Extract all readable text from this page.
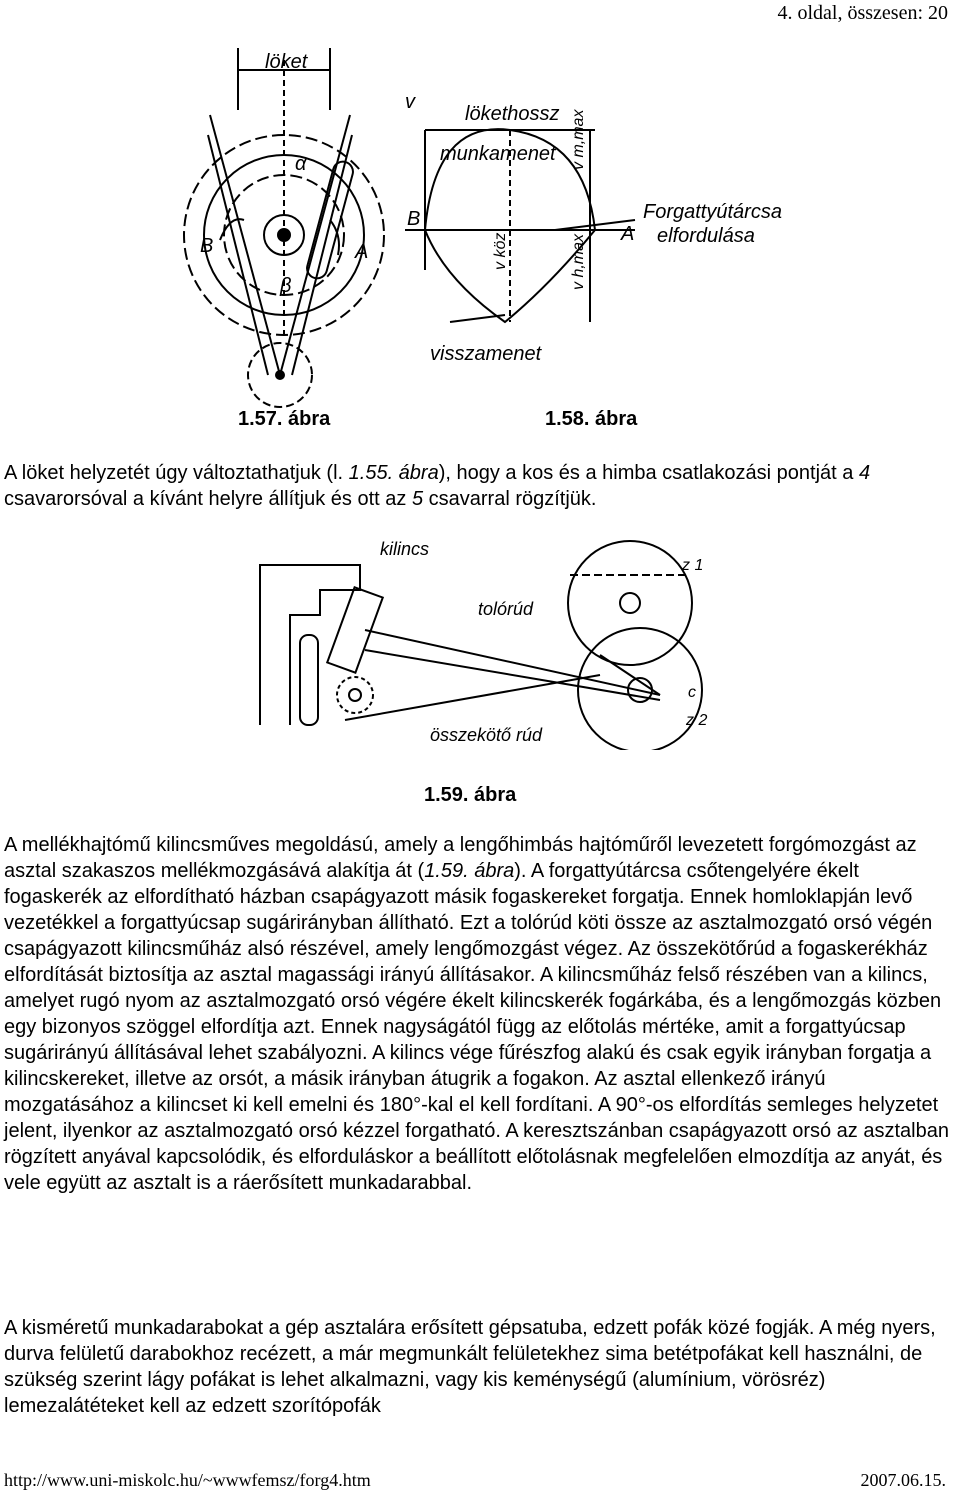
4. oldal, összesen: 20
löket
α
β
B	A
v
lökethossz
munkamenet v m,max
B
A
v köz	v h,max
Forgattyútárcsa
elfordulása
visszamenet
1.57. ábra	1.58. ábra
A löket helyzetét úgy változtathatjuk (l. 1.55. ábra), hogy a kos és a himba csatlakozási pontját a 4 csavarorsóval a kívánt helyre állítjuk és ott az 5 csavarral rögzítjük.
kilincs
tolórúd
z 1
c
z 2
összekötő rúd
1.59. ábra
A mellékhajtómű kilincsműves megoldású, amely a lengőhimbás hajtóműről levezetett forgómozgást az asztal szakaszos mellékmozgásává alakítja át (1.59. ábra). A forgattyútárcsa csőtengelyére ékelt fogaskerék az elfordítható házban csapágyazott másik fogaskereket forgatja. Ennek homloklapján levő vezetékkel a forgattyúcsap sugárirányban állítható. Ezt a tolórúd köti össze az asztalmozgató orsó végén csapágyazott kilincsműház alsó részével, amely lengőmozgást végez. Az összekötőrúd a fogaskerékház elfordítását biztosítja az asztal magassági irányú állításakor. A kilincsműház felső részében van a kilincs, amelyet rugó nyom az asztalmozgató orsó végére ékelt kilincskerék fogárkába, és a lengőmozgás közben egy bizonyos szöggel elfordítja azt. Ennek nagyságától függ az előtolás mértéke, amit a forgattyúcsap sugárirányú állításával lehet szabályozni. A kilincs vége fűrészfog alakú és csak egyik irányban forgatja a kilincskereket, illetve az orsót, a másik irányban átugrik a fogakon. Az asztal ellenkező irányú mozgatásához a kilincset ki kell emelni és 180°-kal el kell fordítani. A 90°-os elfordítás semleges helyzetet jelent, ilyenkor az asztalmozgató orsó kézzel forgatható. A keresztszánban csapágyazott orsó az asztalban rögzített anyával kapcsolódik, és elforduláskor a beállított előtolásnak megfelelően elmozdítja az anyát, és vele együtt az asztalt is a ráerősített munkadarabbal.
A kisméretű munkadarabokat a gép asztalára erősített gépsatuba, edzett pofák közé fogják. A még nyers, durva felületű darabokhoz recézett, a már megmunkált felületekhez sima betétpofákat kell használni, de szükség szerint lágy pofákat is lehet alkalmazni, vagy kis keménységű (alumínium, vörösréz) lemezalátéteket kell az edzett szorítópofák
http://www.uni-miskolc.hu/~wwwfemsz/forg4.htm	2007.06.15.
